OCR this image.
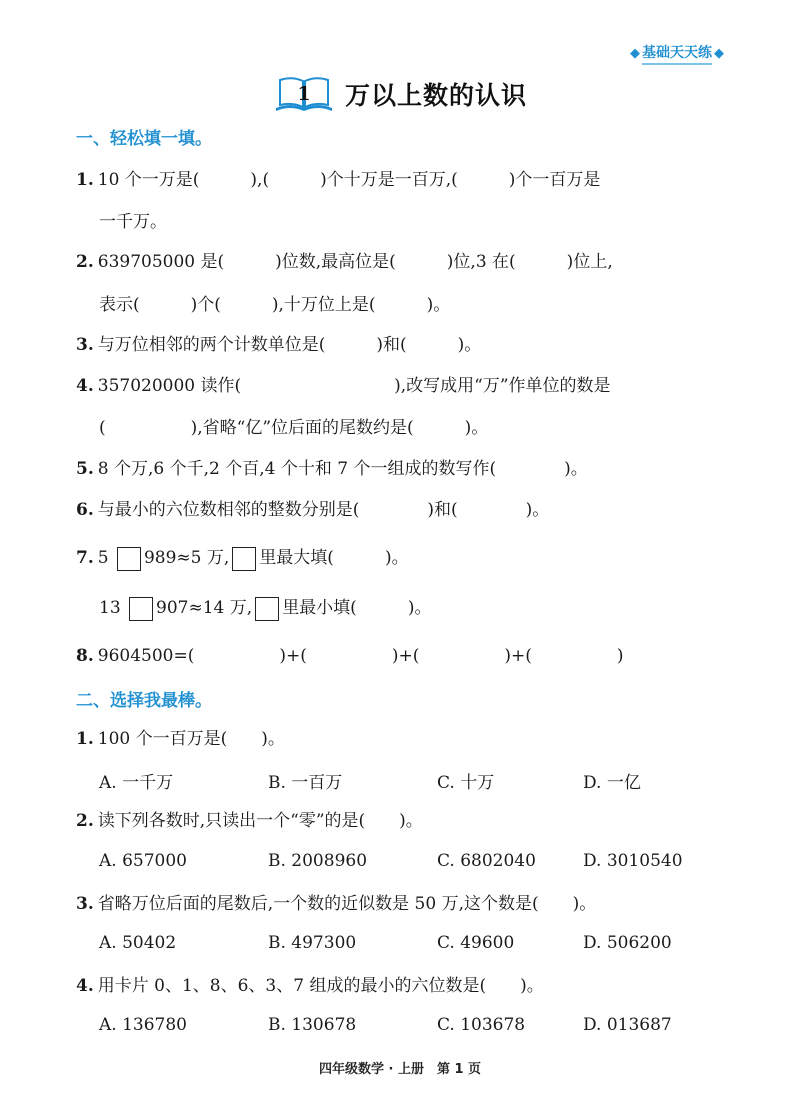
◆ 基础天天练 ◆
1 万以上数的认识
一、轻松填一填。
1. 10 个一万是(　　　),(　　　)个十万是一百万,(　　　)个一百万是
一千万。
2. 639705000 是(　　　)位数,最高位是(　　　)位,3 在(　　　)位上,
表示(　　　)个(　　　),十万位上是(　　　)。
3. 与万位相邻的两个计数单位是(　　　)和(　　　)。
4. 357020000 读作(　　　　　　　　　),改写成用“万”作单位的数是
(　　　　　),省略“亿”位后面的尾数约是(　　　)。
5. 8 个万,6 个千,2 个百,4 个十和 7 个一组成的数写作(　　　　)。
6. 与最小的六位数相邻的整数分别是(　　　　)和(　　　　)。
7. 5 989≈5 万, 里最大填(　　　)。
13 907≈14 万, 里最小填(　　　)。
8. 9604500=(　　　　　)+(　　　　　)+(　　　　　)+(　　　　　)
二、选择我最棒。
1. 100 个一百万是(　　)。
A. 一千万	B. 一百万	C. 十万	D. 一亿
2. 读下列各数时,只读出一个“零”的是(　　)。
A. 657000	B. 2008960	C. 6802040	D. 3010540
3. 省略万位后面的尾数后,一个数的近似数是 50 万,这个数是(　　)。
A. 50402	B. 497300	C. 49600	D. 506200
4. 用卡片 0、1、8、6、3、7 组成的最小的六位数是(　　)。
A. 136780	B. 130678	C. 103678	D. 013687
四年级数学 · 上册　第 1 页
